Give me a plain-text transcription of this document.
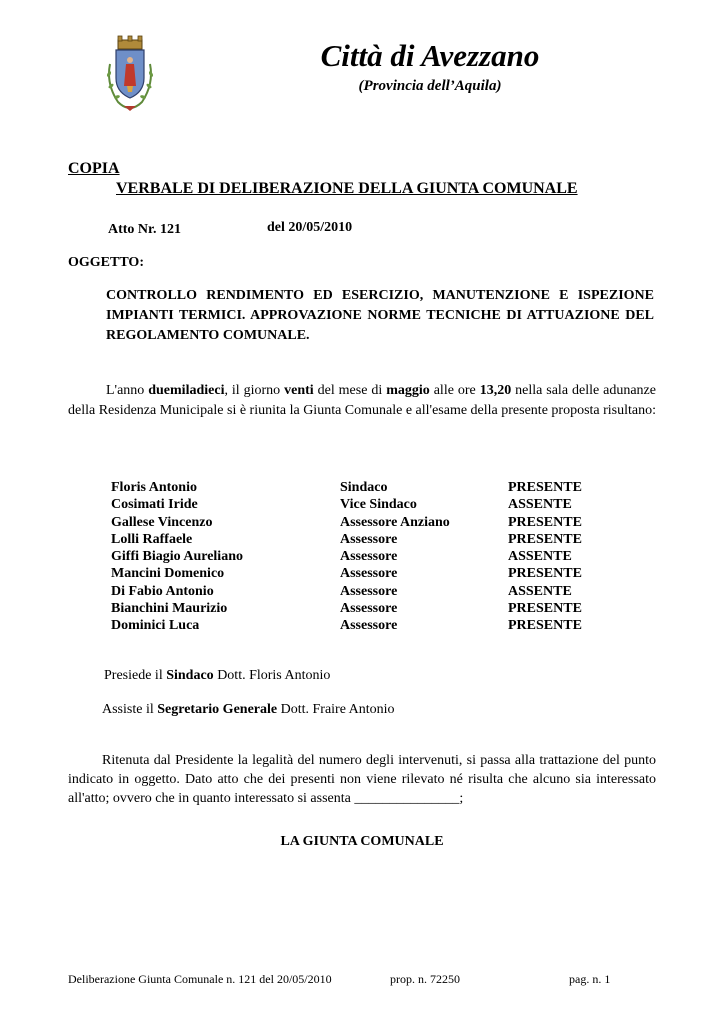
Città di Avezzano
(Provincia dell’Aquila)
COPIA
VERBALE DI DELIBERAZIONE DELLA GIUNTA COMUNALE
Atto Nr. 121	del 20/05/2010
OGGETTO:
CONTROLLO RENDIMENTO ED ESERCIZIO, MANUTENZIONE E ISPEZIONE IMPIANTI TERMICI. APPROVAZIONE NORME TECNICHE DI ATTUAZIONE DEL REGOLAMENTO COMUNALE.
L'anno duemiladieci, il giorno venti del mese di maggio alle ore 13,20 nella sala delle adunanze della Residenza Municipale si è riunita la Giunta Comunale e all'esame della presente proposta risultano:
Floris Antonio	Sindaco	PRESENTE
Cosimati Iride	Vice Sindaco	ASSENTE
Gallese Vincenzo	Assessore Anziano	PRESENTE
Lolli Raffaele	Assessore	PRESENTE
Giffi Biagio Aureliano	Assessore	ASSENTE
Mancini Domenico	Assessore	PRESENTE
Di Fabio Antonio	Assessore	ASSENTE
Bianchini Maurizio	Assessore	PRESENTE
Dominici Luca	Assessore	PRESENTE
Presiede il Sindaco Dott. Floris Antonio
Assiste il Segretario Generale Dott. Fraire Antonio
Ritenuta dal Presidente la legalità del numero degli intervenuti, si passa alla trattazione del punto indicato in oggetto. Dato atto che dei presenti non viene rilevato né risulta che alcuno sia interessato all'atto; ovvero che in quanto interessato si assenta _______________;
LA GIUNTA COMUNALE
Deliberazione Giunta Comunale n. 121 del 20/05/2010	prop. n. 72250	pag. n. 1
